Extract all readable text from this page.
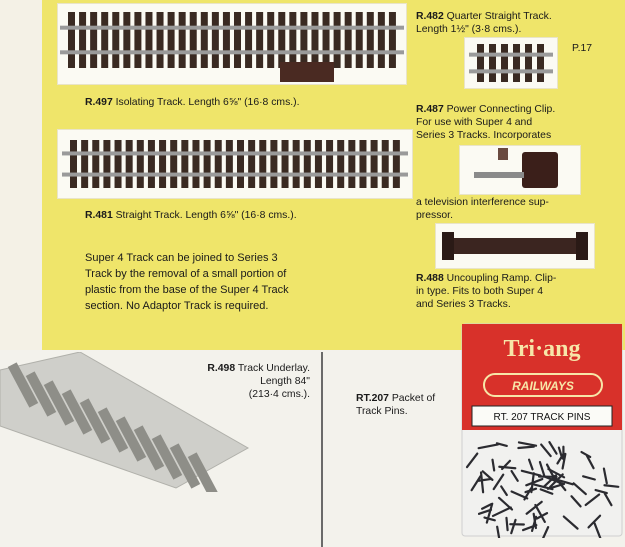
R.497 Isolating Track. Length 6⅝" (16·8 cms.).
R.482 Quarter Straight Track.
Length 1½" (3·8 cms.).
P.17
R.487 Power Connecting Clip.
For use with Super 4 and
Series 3 Tracks. Incorporates
a television interference sup-
pressor.
R.481 Straight Track. Length 6⅝" (16·8 cms.).
Super 4 Track can be joined to Series 3
Track by the removal of a small portion of
plastic from the base of the Super 4 Track
section. No Adaptor Track is required.
R.488 Uncoupling Ramp. Clip-
in type. Fits to both Super 4
and Series 3 Tracks.
R.498 Track Underlay.
Length 84"
(213·4 cms.).	RT.207 Packet of
Track Pins.
Tri·ang
RAILWAYS
RT. 207 TRACK PINS
